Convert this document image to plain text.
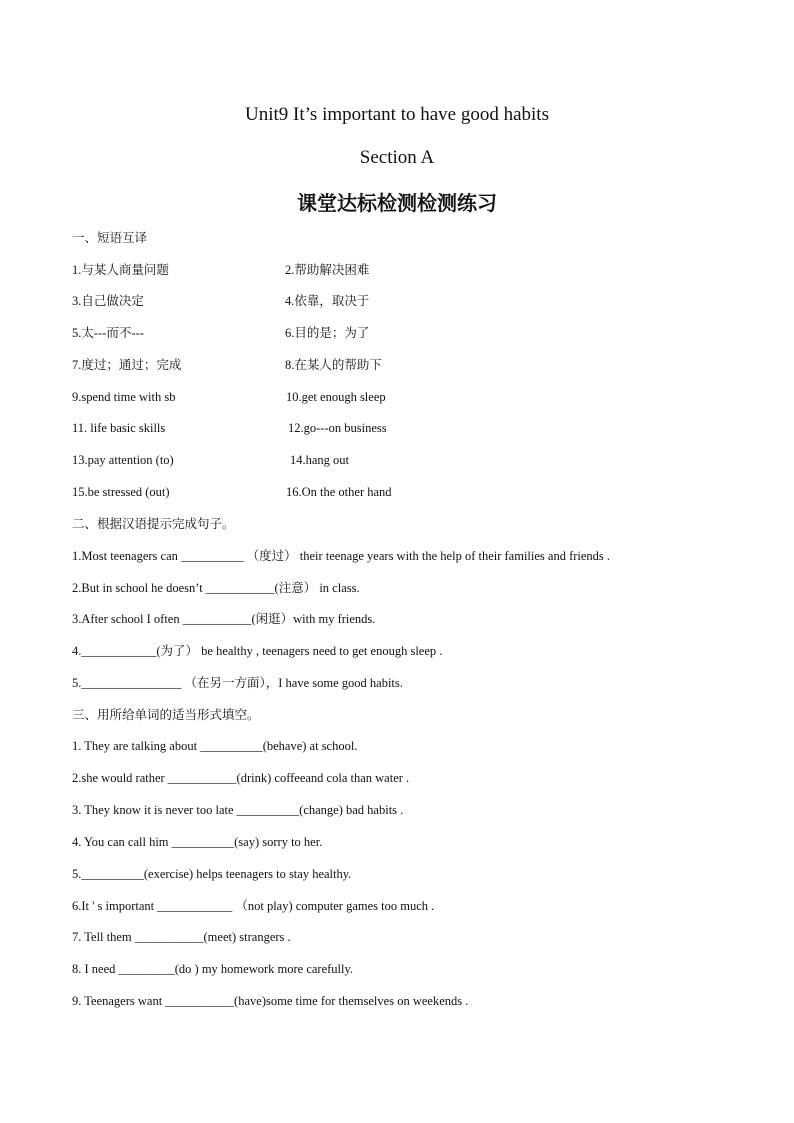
Unit9 It’s important to have good habits
Section A
课堂达标检测检测练习
一、短语互译
1.与某人商量问题	2.帮助解决困难
3.自己做决定	4.依靠，取决于
5.太---而不---	6.目的是；为了
7.度过；通过；完成	8.在某人的帮助下
9.spend time with sb	10.get enough sleep
11. life basic skills	12.go---on business
13.pay attention (to)	14.hang out
15.be stressed (out)	16.On the other hand
二、根据汉语提示完成句子。
1.Most teenagers can __________ （度过） their teenage years with the help of their families and friends .
2.But in school he doesn’t ___________(注意） in class.
3.After school I often ___________(闲逛）with my friends.
4.____________(为了） be healthy , teenagers need to get enough sleep .
5.________________ （在另一方面），I have some good habits.
三、用所给单词的适当形式填空。
1. They are talking about __________(behave) at school.
2.she would rather ___________(drink) coffeeand cola than water .
3. They know it is never too late __________(change) bad habits .
4. You can call him __________(say) sorry to her.
5.__________(exercise) helps teenagers to stay healthy.
6.It ' s important ____________ （not play) computer games too much .
7. Tell them ___________(meet) strangers .
8. I need _________(do ) my homework more carefully.
9. Teenagers want ___________(have)some time for themselves on weekends .
